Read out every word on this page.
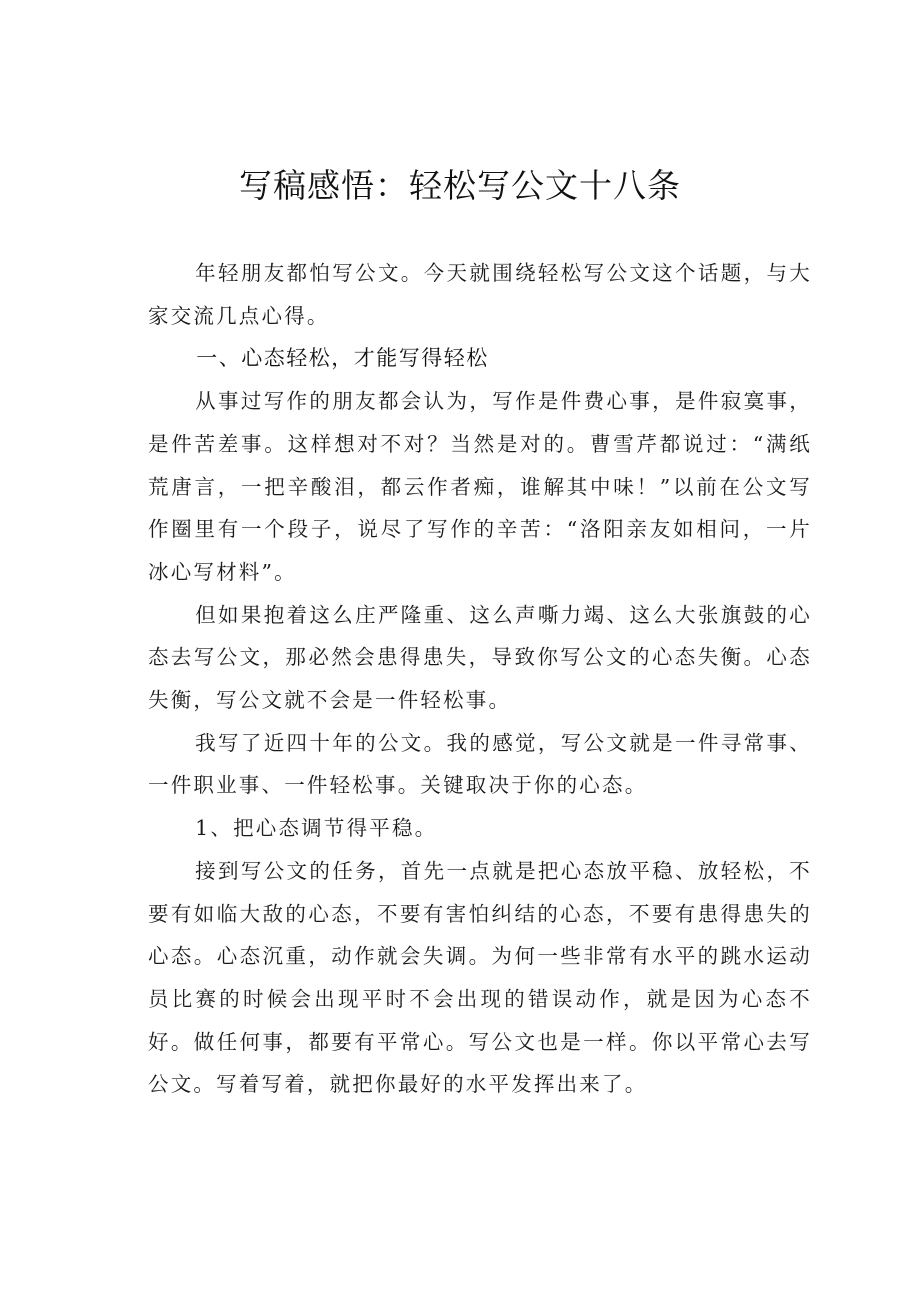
写稿感悟：轻松写公文十八条

年轻朋友都怕写公文。今天就围绕轻松写公文这个话题，与大家交流几点心得。

一、心态轻松，才能写得轻松

从事过写作的朋友都会认为，写作是件费心事，是件寂寞事，是件苦差事。这样想对不对？当然是对的。曹雪芹都说过：“满纸荒唐言，一把辛酸泪，都云作者痴，谁解其中味！”以前在公文写作圈里有一个段子，说尽了写作的辛苦：“洛阳亲友如相问，一片冰心写材料”。

但如果抱着这么庄严隆重、这么声嘶力竭、这么大张旗鼓的心态去写公文，那必然会患得患失，导致你写公文的心态失衡。心态失衡，写公文就不会是一件轻松事。

我写了近四十年的公文。我的感觉，写公文就是一件寻常事、一件职业事、一件轻松事。关键取决于你的心态。

1、把心态调节得平稳。

接到写公文的任务，首先一点就是把心态放平稳、放轻松，不要有如临大敌的心态，不要有害怕纠结的心态，不要有患得患失的心态。心态沉重，动作就会失调。为何一些非常有水平的跳水运动员比赛的时候会出现平时不会出现的错误动作，就是因为心态不好。做任何事，都要有平常心。写公文也是一样。你以平常心去写公文。写着写着，就把你最好的水平发挥出来了。
